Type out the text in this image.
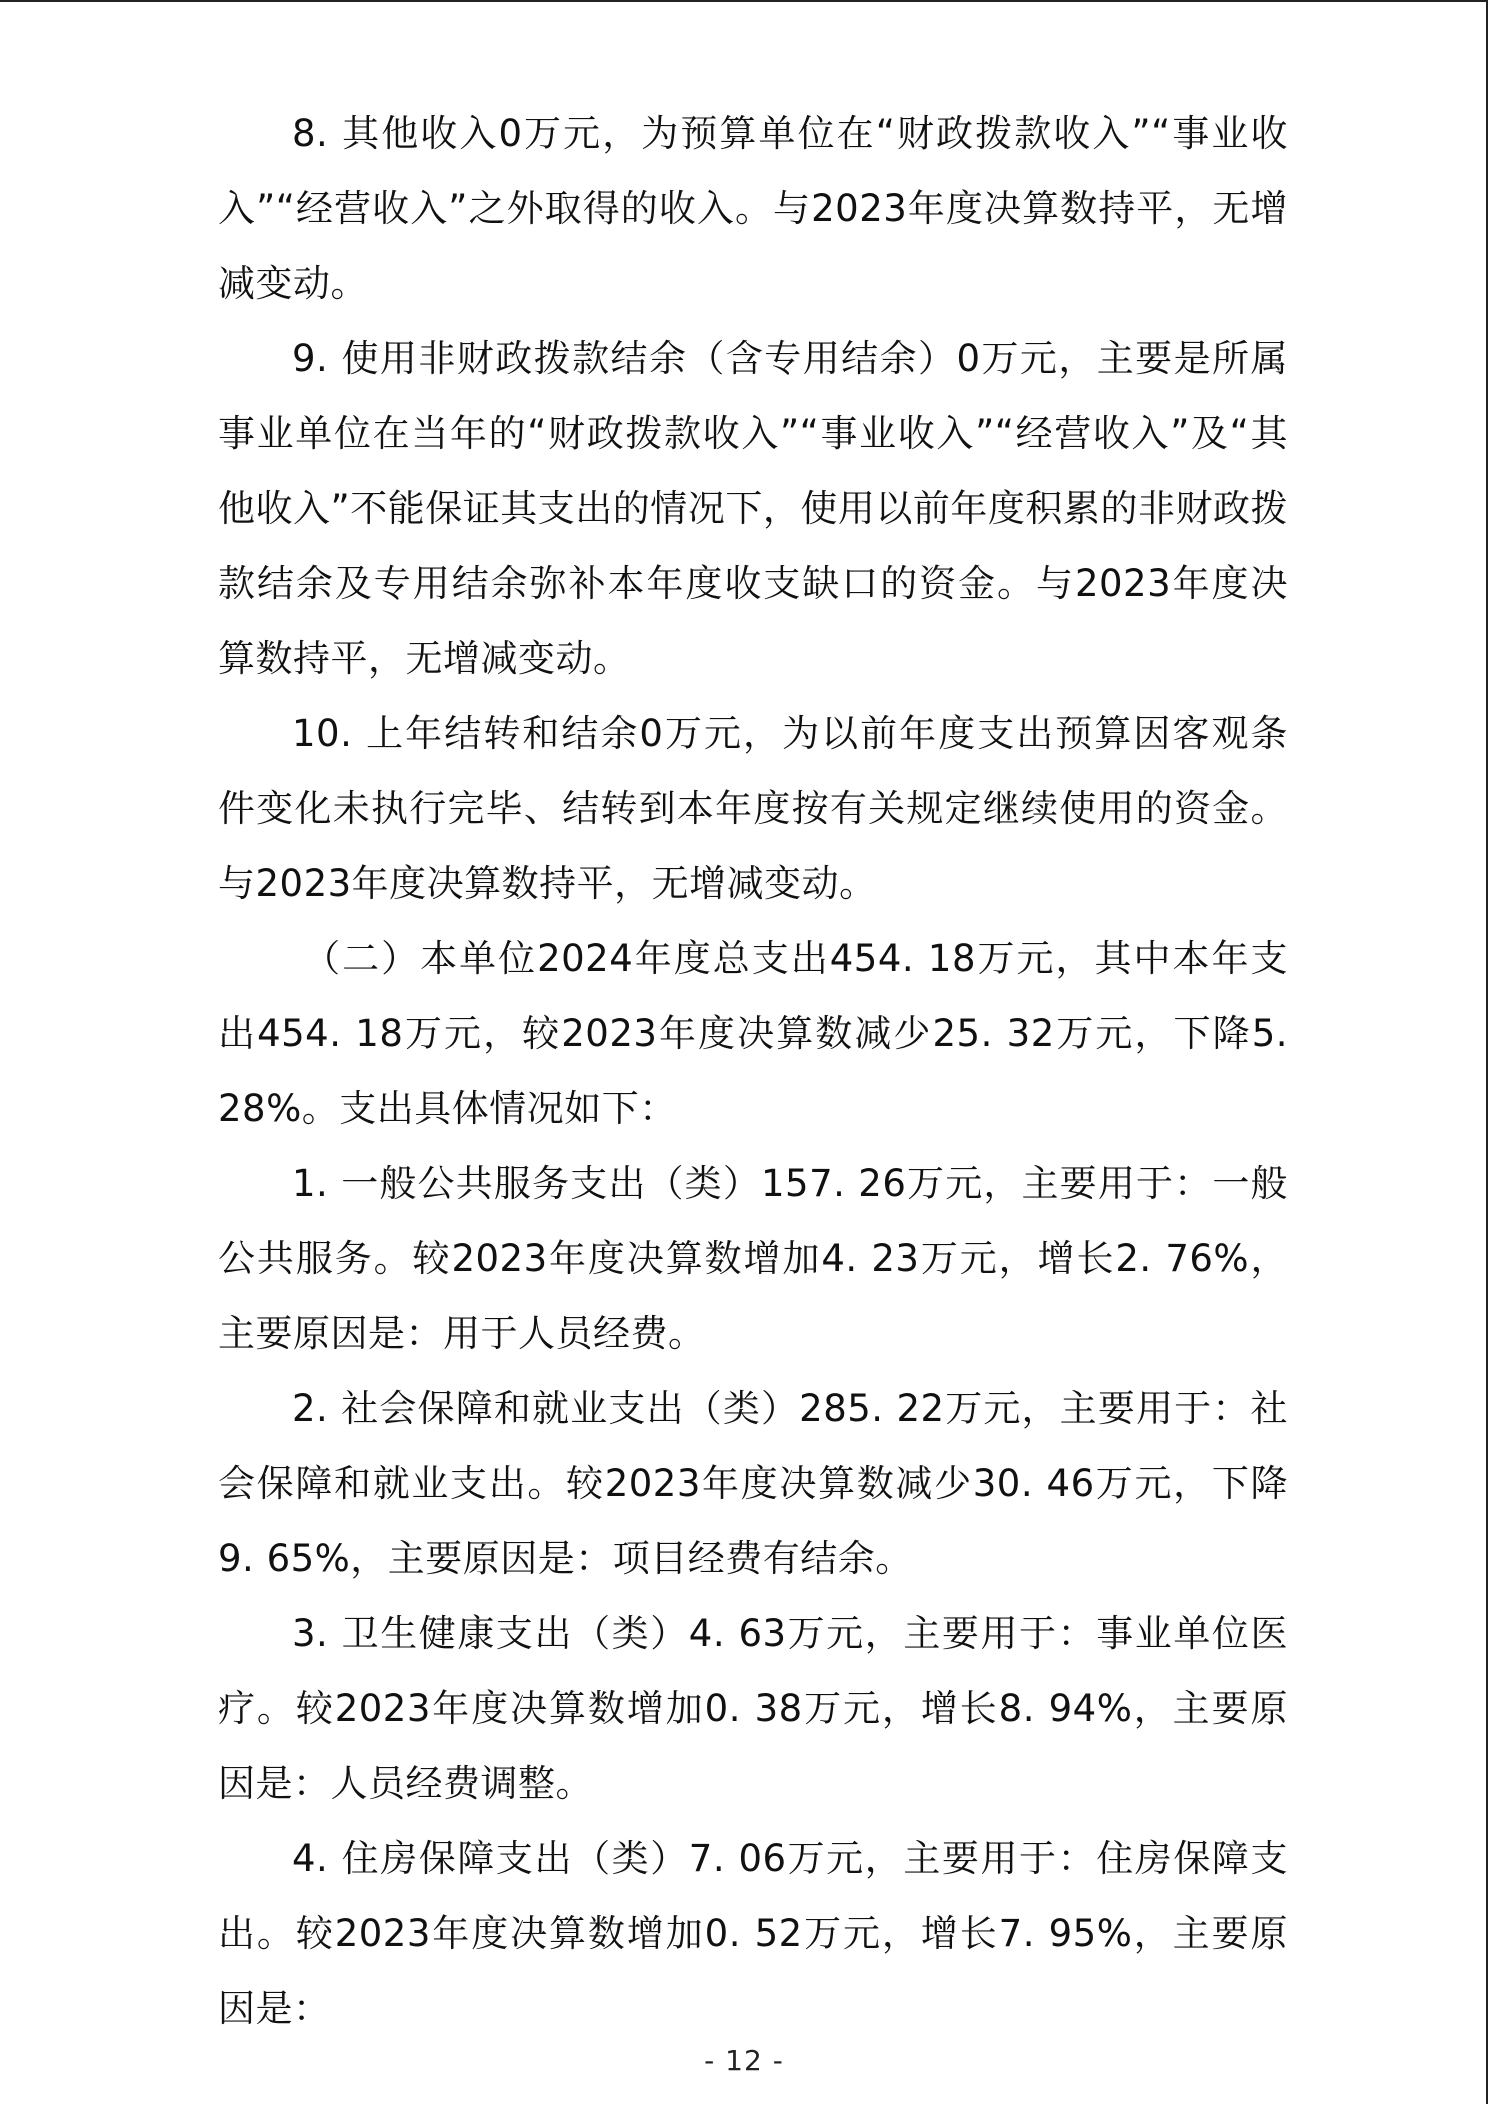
8. 其他收入0万元，为预算单位在“财政拨款收入”“事业收入”“经营收入”之外取得的收入。与2023年度决算数持平，无增减变动。

9. 使用非财政拨款结余（含专用结余）0万元，主要是所属事业单位在当年的“财政拨款收入”“事业收入”“经营收入”及“其他收入”不能保证其支出的情况下，使用以前年度积累的非财政拨款结余及专用结余弥补本年度收支缺口的资金。与2023年度决算数持平，无增减变动。

10. 上年结转和结余0万元，为以前年度支出预算因客观条件变化未执行完毕、结转到本年度按有关规定继续使用的资金。与2023年度决算数持平，无增减变动。

（二）本单位2024年度总支出454. 18万元，其中本年支出454. 18万元，较2023年度决算数减少25. 32万元，下降5. 28%。支出具体情况如下：

1. 一般公共服务支出（类）157. 26万元，主要用于：一般公共服务。较2023年度决算数增加4. 23万元，增长2. 76%，主要原因是：用于人员经费。

2. 社会保障和就业支出（类）285. 22万元，主要用于：社会保障和就业支出。较2023年度决算数减少30. 46万元，下降9. 65%，主要原因是：项目经费有结余。

3. 卫生健康支出（类）4. 63万元，主要用于：事业单位医疗。较2023年度决算数增加0. 38万元，增长8. 94%，主要原因是：人员经费调整。

4. 住房保障支出（类）7. 06万元，主要用于：住房保障支出。较2023年度决算数增加0. 52万元，增长7. 95%，主要原因是：

- 12 -
